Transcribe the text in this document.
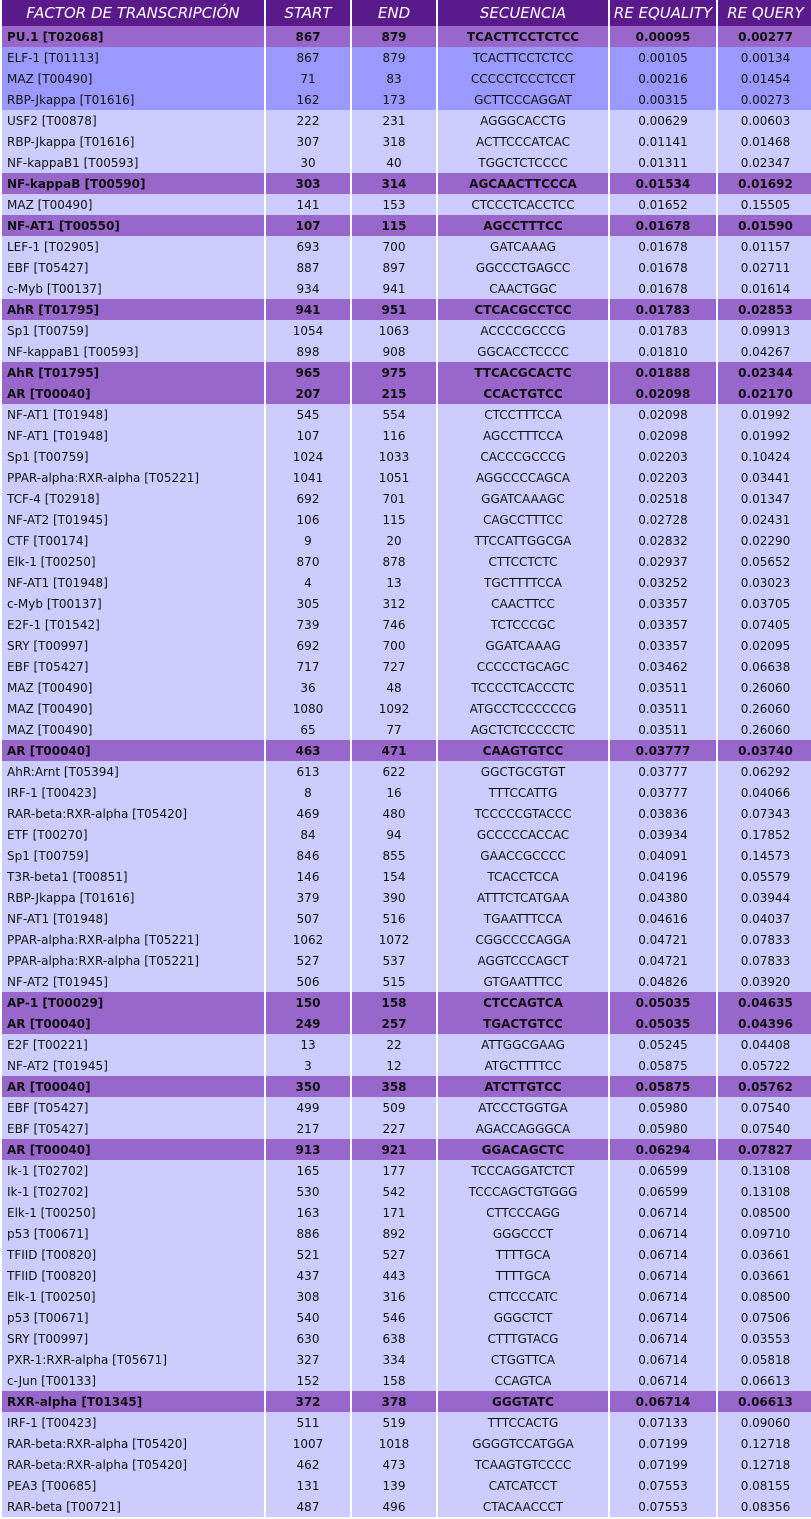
FACTOR DE TRANSCRIPCIÓN	START	END	SECUENCIA	RE EQUALITY	RE QUERY
PU.1 [T02068]	867	879	TCACTTCCTCTCC	0.00095	0.00277
ELF-1 [T01113]	867	879	TCACTTCCTCTCC	0.00105	0.00134
MAZ [T00490]	71	83	CCCCCTCCCTCCT	0.00216	0.01454
RBP-Jkappa [T01616]	162	173	GCTTCCCAGGAT	0.00315	0.00273
USF2 [T00878]	222	231	AGGGCACCTG	0.00629	0.00603
RBP-Jkappa [T01616]	307	318	ACTTCCCATCAC	0.01141	0.01468
NF-kappaB1 [T00593]	30	40	TGGCTCTCCCC	0.01311	0.02347
NF-kappaB [T00590]	303	314	AGCAACTTCCCA	0.01534	0.01692
MAZ [T00490]	141	153	CTCCCTCACCTCC	0.01652	0.15505
NF-AT1 [T00550]	107	115	AGCCTTTCC	0.01678	0.01590
LEF-1 [T02905]	693	700	GATCAAAG	0.01678	0.01157
EBF [T05427]	887	897	GGCCCTGAGCC	0.01678	0.02711
c-Myb [T00137]	934	941	CAACTGGC	0.01678	0.01614
AhR [T01795]	941	951	CTCACGCCTCC	0.01783	0.02853
Sp1 [T00759]	1054	1063	ACCCCGCCCG	0.01783	0.09913
NF-kappaB1 [T00593]	898	908	GGCACCTCCCC	0.01810	0.04267
AhR [T01795]	965	975	TTCACGCACTC	0.01888	0.02344
AR [T00040]	207	215	CCACTGTCC	0.02098	0.02170
NF-AT1 [T01948]	545	554	CTCCTTTCCA	0.02098	0.01992
NF-AT1 [T01948]	107	116	AGCCTTTCCA	0.02098	0.01992
Sp1 [T00759]	1024	1033	CACCCGCCCG	0.02203	0.10424
PPAR-alpha:RXR-alpha [T05221]	1041	1051	AGGCCCCAGCA	0.02203	0.03441
TCF-4 [T02918]	692	701	GGATCAAAGC	0.02518	0.01347
NF-AT2 [T01945]	106	115	CAGCCTTTCC	0.02728	0.02431
CTF [T00174]	9	20	TTCCATTGGCGA	0.02832	0.02290
Elk-1 [T00250]	870	878	CTTCCTCTC	0.02937	0.05652
NF-AT1 [T01948]	4	13	TGCTTTTCCA	0.03252	0.03023
c-Myb [T00137]	305	312	CAACTTCC	0.03357	0.03705
E2F-1 [T01542]	739	746	TCTCCCGC	0.03357	0.07405
SRY [T00997]	692	700	GGATCAAAG	0.03357	0.02095
EBF [T05427]	717	727	CCCCCTGCAGC	0.03462	0.06638
MAZ [T00490]	36	48	TCCCCTCACCCTC	0.03511	0.26060
MAZ [T00490]	1080	1092	ATGCCTCCCCCCG	0.03511	0.26060
MAZ [T00490]	65	77	AGCTCTCCCCCTC	0.03511	0.26060
AR [T00040]	463	471	CAAGTGTCC	0.03777	0.03740
AhR:Arnt [T05394]	613	622	GGCTGCGTGT	0.03777	0.06292
IRF-1 [T00423]	8	16	TTTCCATTG	0.03777	0.04066
RAR-beta:RXR-alpha [T05420]	469	480	TCCCCCGTACCC	0.03836	0.07343
ETF [T00270]	84	94	GCCCCCACCAC	0.03934	0.17852
Sp1 [T00759]	846	855	GAACCGCCCC	0.04091	0.14573
T3R-beta1 [T00851]	146	154	TCACCTCCA	0.04196	0.05579
RBP-Jkappa [T01616]	379	390	ATTTCTCATGAA	0.04380	0.03944
NF-AT1 [T01948]	507	516	TGAATTTCCA	0.04616	0.04037
PPAR-alpha:RXR-alpha [T05221]	1062	1072	CGGCCCCAGGA	0.04721	0.07833
PPAR-alpha:RXR-alpha [T05221]	527	537	AGGTCCCAGCT	0.04721	0.07833
NF-AT2 [T01945]	506	515	GTGAATTTCC	0.04826	0.03920
AP-1 [T00029]	150	158	CTCCAGTCA	0.05035	0.04635
AR [T00040]	249	257	TGACTGTCC	0.05035	0.04396
E2F [T00221]	13	22	ATTGGCGAAG	0.05245	0.04408
NF-AT2 [T01945]	3	12	ATGCTTTTCC	0.05875	0.05722
AR [T00040]	350	358	ATCTTGTCC	0.05875	0.05762
EBF [T05427]	499	509	ATCCCTGGTGA	0.05980	0.07540
EBF [T05427]	217	227	AGACCAGGGCA	0.05980	0.07540
AR [T00040]	913	921	GGACAGCTC	0.06294	0.07827
Ik-1 [T02702]	165	177	TCCCAGGATCTCT	0.06599	0.13108
Ik-1 [T02702]	530	542	TCCCAGCTGTGGG	0.06599	0.13108
Elk-1 [T00250]	163	171	CTTCCCAGG	0.06714	0.08500
p53 [T00671]	886	892	GGGCCCT	0.06714	0.09710
TFIID [T00820]	521	527	TTTTGCA	0.06714	0.03661
TFIID [T00820]	437	443	TTTTGCA	0.06714	0.03661
Elk-1 [T00250]	308	316	CTTCCCATC	0.06714	0.08500
p53 [T00671]	540	546	GGGCTCT	0.06714	0.07506
SRY [T00997]	630	638	CTTTGTACG	0.06714	0.03553
PXR-1:RXR-alpha [T05671]	327	334	CTGGTTCA	0.06714	0.05818
c-Jun [T00133]	152	158	CCAGTCA	0.06714	0.06613
RXR-alpha [T01345]	372	378	GGGTATC	0.06714	0.06613
IRF-1 [T00423]	511	519	TTTCCACTG	0.07133	0.09060
RAR-beta:RXR-alpha [T05420]	1007	1018	GGGGTCCATGGA	0.07199	0.12718
RAR-beta:RXR-alpha [T05420]	462	473	TCAAGTGTCCCC	0.07199	0.12718
PEA3 [T00685]	131	139	CATCATCCT	0.07553	0.08155
RAR-beta [T00721]	487	496	CTACAACCCT	0.07553	0.08356
